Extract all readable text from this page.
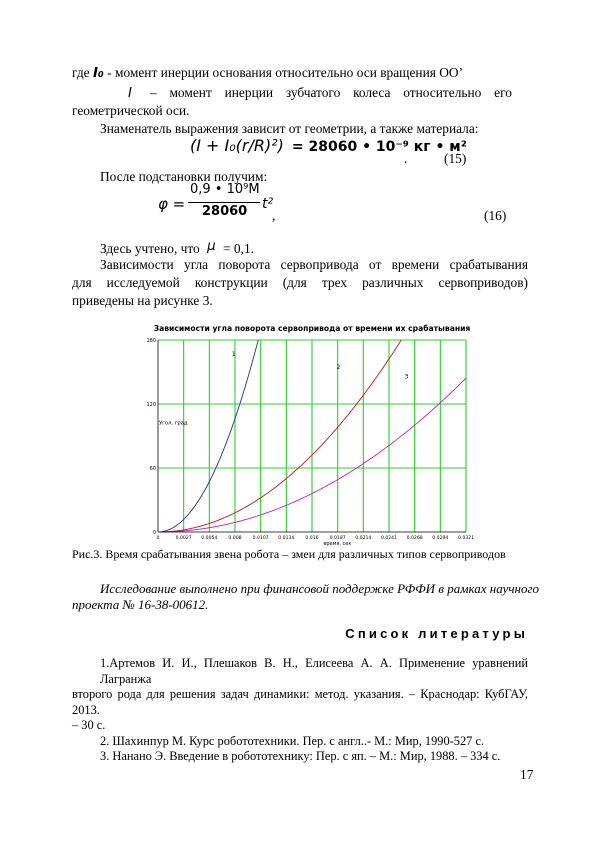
где I₀ - момент инерции основания относительно оси вращения ОО’
I – момент инерции зубчатого колеса относительно его
геометрической оси.
Знаменатель выражения зависит от геометрии, а также материала:
(I + I₀(r/R)²) = 28060 • 10⁻⁹ кг • м²
.	(15)
После подстановки получим:
φ =
0,9 • 10⁹M
28060 t²
,	(16)
Здесь учтено, что μ = 0,1.
Зависимости угла поворота сервопривода от времени срабатывания
для исследуемой конструкции (для трех различных сервоприводов)
приведены на рисунке 3.
Зависимости угла поворота сервопривода от времени их срабатывания
0	0.0027 0.0054 0.008 0.0107 0.0134 0.016 0.0187 0.0214 0.0241 0.0268 0.0294 0.0321
0
60
120
180
Угол, град
время, сек
1
2
3
Рис.3. Время срабатывания звена робота – змеи для различных типов сервоприводов
Исследование выполнено при финансовой поддержке РФФИ в рамках научного
проекта № 16-38-00612.
Список литературы

1.Артемов И. И., Плешаков В. Н., Елисеева А. А. Применение уравнений Лагранжа

второго рода для решения задач динамики: метод. указания. – Краснодар: КубГАУ, 2013.

– 30 с.

2. Шахинпур М. Курс робототехники. Пер. с англ..- М.: Мир, 1990-527 с.

3. Нанано Э. Введение в робототехнику: Пер. с яп. – М.: Мир, 1988. – 334 с.

17
